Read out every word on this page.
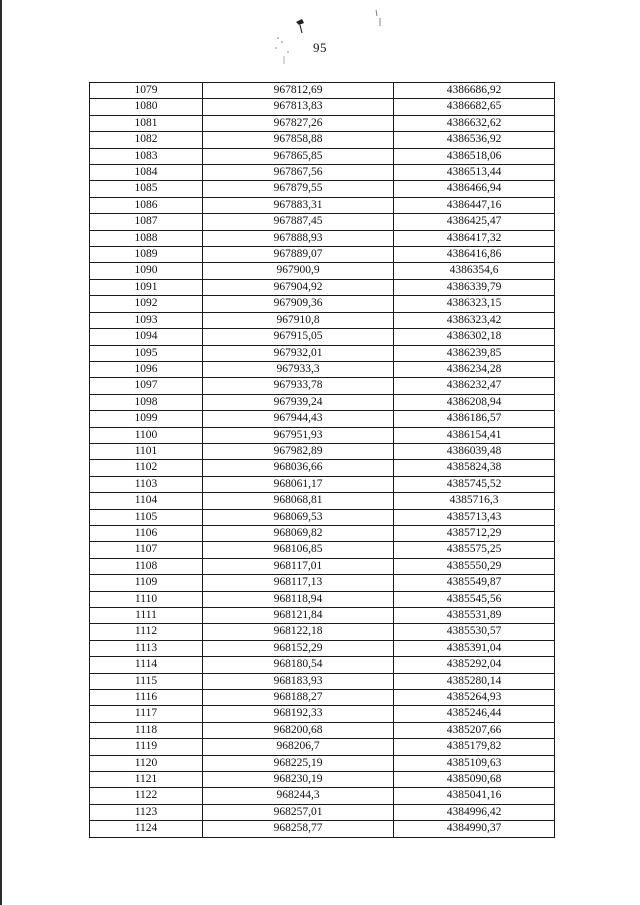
95
1079	967812,69	4386686,92
1080	967813,83	4386682,65
1081	967827,26	4386632,62
1082	967858,88	4386536,92
1083	967865,85	4386518,06
1084	967867,56	4386513,44
1085	967879,55	4386466,94
1086	967883,31	4386447,16
1087	967887,45	4386425,47
1088	967888,93	4386417,32
1089	967889,07	4386416,86
1090	967900,9	4386354,6
1091	967904,92	4386339,79
1092	967909,36	4386323,15
1093	967910,8	4386323,42
1094	967915,05	4386302,18
1095	967932,01	4386239,85
1096	967933,3	4386234,28
1097	967933,78	4386232,47
1098	967939,24	4386208,94
1099	967944,43	4386186,57
1100	967951,93	4386154,41
1101	967982,89	4386039,48
1102	968036,66	4385824,38
1103	968061,17	4385745,52
1104	968068,81	4385716,3
1105	968069,53	4385713,43
1106	968069,82	4385712,29
1107	968106,85	4385575,25
1108	968117,01	4385550,29
1109	968117,13	4385549,87
1110	968118,94	4385545,56
1111	968121,84	4385531,89
1112	968122,18	4385530,57
1113	968152,29	4385391,04
1114	968180,54	4385292,04
1115	968183,93	4385280,14
1116	968188,27	4385264,93
1117	968192,33	4385246,44
1118	968200,68	4385207,66
1119	968206,7	4385179,82
1120	968225,19	4385109,63
1121	968230,19	4385090,68
1122	968244,3	4385041,16
1123	968257,01	4384996,42
1124	968258,77	4384990,37
